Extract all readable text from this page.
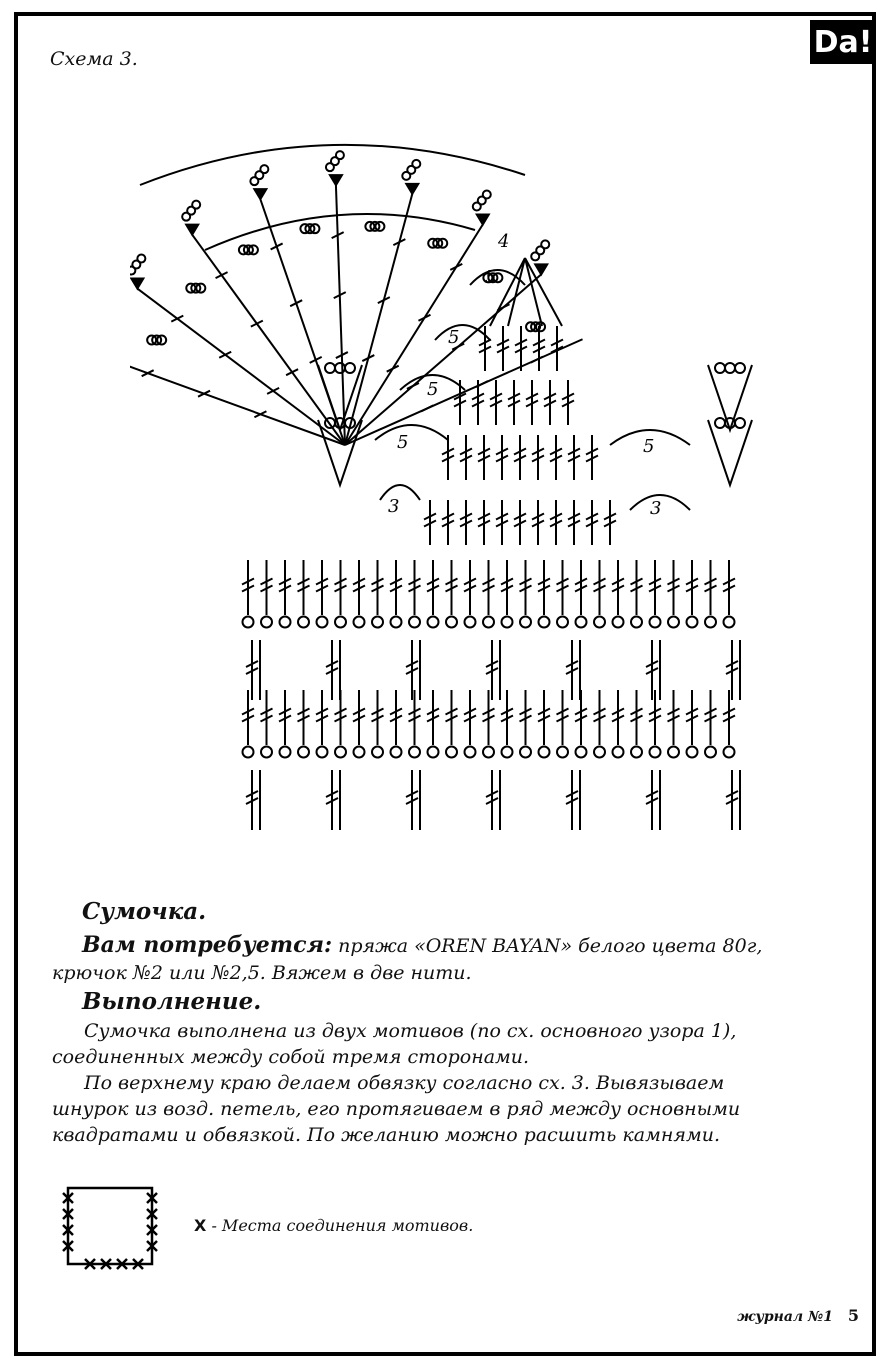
Da!
Схема 3.
4
5
5
5
5	5
3	3
Сумочка.
Вам потребуется: пряжа «OREN BAYAN» белого цвета 80г,
крючок №2 или №2,5. Вяжем в две нити.
Выполнение.
Сумочка выполнена из двух мотивов (по сх. основного узора 1),
соединенных между собой тремя сторонами.
По верхнему краю делаем обвязку согласно сх. 3. Вывязываем
шнурок из возд. петель, его протягиваем в ряд между основными
квадратами и обвязкой. По желанию можно расшить камнями.
X - Места соединения мотивов.
журнал №1 5
